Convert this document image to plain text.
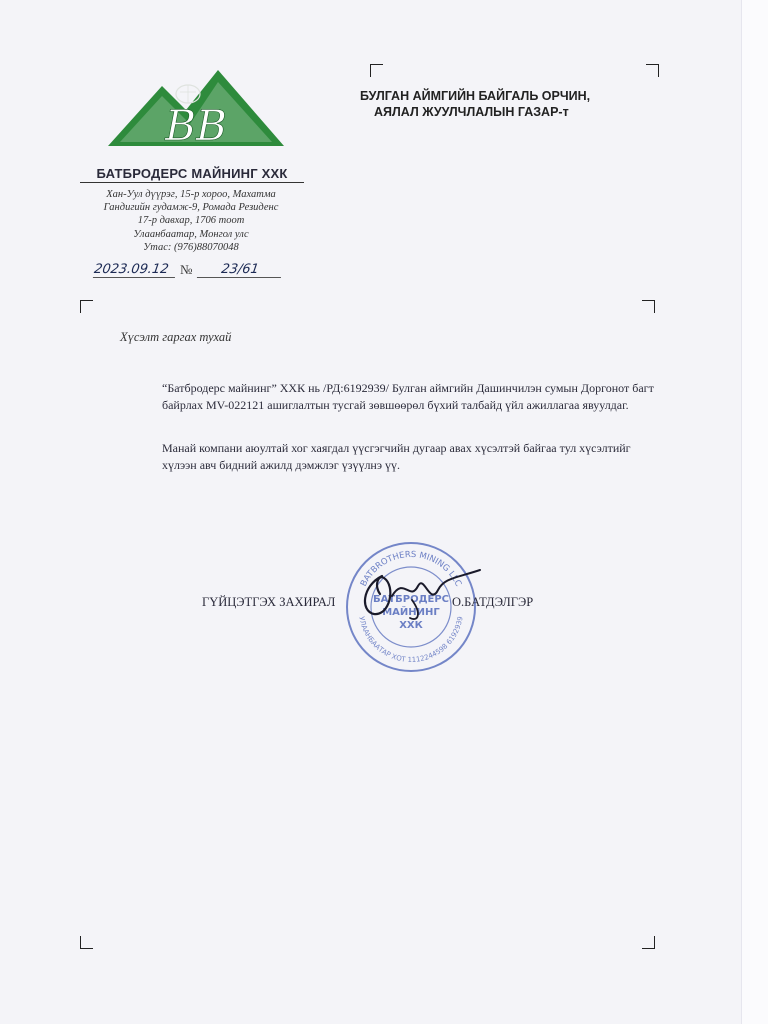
BB
БАТБРОДЕРС МАЙНИНГ ХХК
Хан-Уул дүүрэг, 15-р хороо, Махатма
Гандигийн гудамж-9, Ромада Резиденс
17-р давхар, 1706 тоот
Улаанбаатар, Монгол улс
Утас: (976)88070048
2023.09.12 №	23/61
БУЛГАН АЙМГИЙН БАЙГАЛЬ ОРЧИН,
АЯЛАЛ ЖУУЛЧЛАЛЫН ГАЗАР-т
Хүсэлт гаргах тухай
“Батбродерс майнинг” ХХК нь /РД:6192939/ Булган аймгийн Дашинчилэн сумын Доргонот багт байрлах MV-022121 ашиглалтын тусгай зөвшөөрөл бүхий талбайд үйл ажиллагаа явуулдаг.
Манай компани аюултай хог хаягдал үүсгэгчийн дугаар авах хүсэлтэй байгаа тул хүсэлтийг хүлээн авч бидний ажилд дэмжлэг үзүүлнэ үү.
BATBROTHERS MINING LLC
УЛААНБААТАР ХОТ 1112244598 6192939
БАТБРОДЕРС
МАЙНИНГ
ХХК
ГҮЙЦЭТГЭХ ЗАХИРАЛ	О.БАТДЭЛГЭР
